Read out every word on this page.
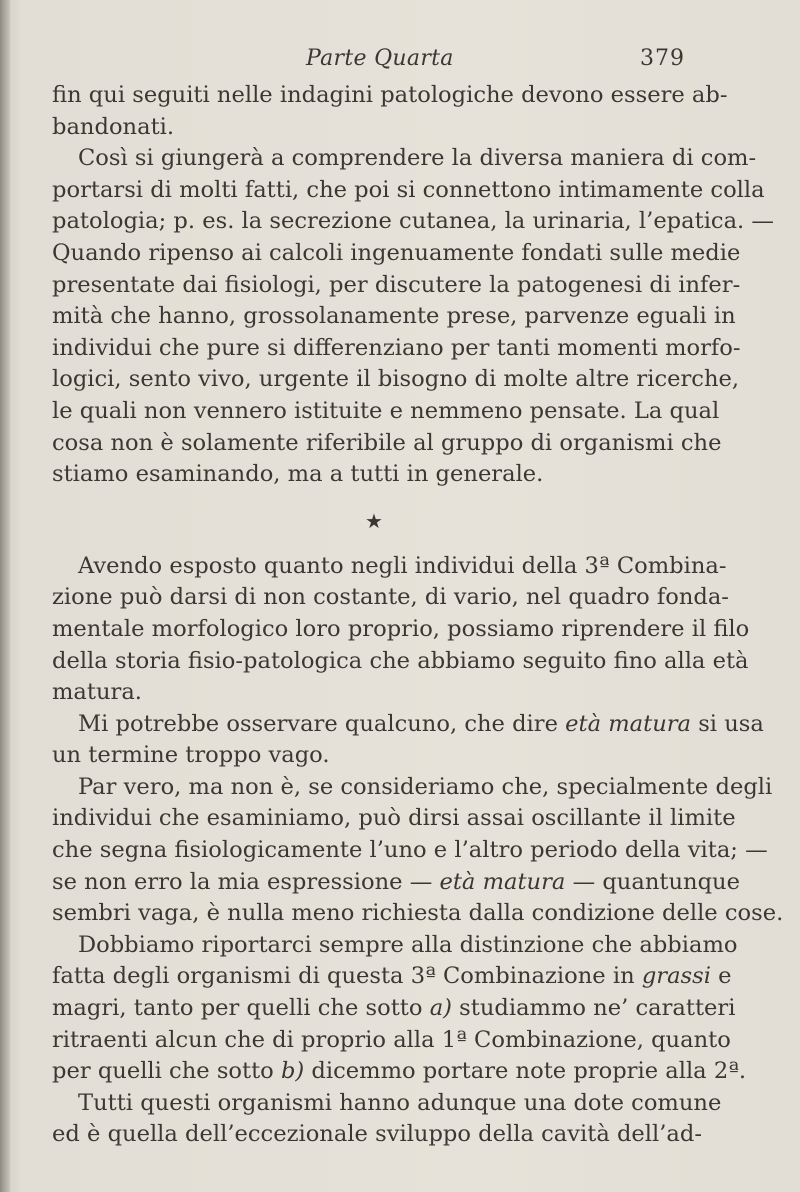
Parte Quarta	379
fin qui seguiti nelle indagini patologiche devono essere ab-
bandonati.
Così si giungerà a comprendere la diversa maniera di com-
portarsi di molti fatti, che poi si connettono intimamente colla
patologia; p. es. la secrezione cutanea, la urinaria, l’epatica. —
Quando ripenso ai calcoli ingenuamente fondati sulle medie
presentate dai fisiologi, per discutere la patogenesi di infer-
mità che hanno, grossolanamente prese, parvenze eguali in
individui che pure si differenziano per tanti momenti morfo-
logici, sento vivo, urgente il bisogno di molte altre ricerche,
le quali non vennero istituite e nemmeno pensate. La qual
cosa non è solamente riferibile al gruppo di organismi che
stiamo esaminando, ma a tutti in generale.
★
Avendo esposto quanto negli individui della 3ª Combina-
zione può darsi di non costante, di vario, nel quadro fonda-
mentale morfologico loro proprio, possiamo riprendere il filo
della storia fisio-patologica che abbiamo seguito fino alla età
matura.
Mi potrebbe osservare qualcuno, che dire età matura si usa
un termine troppo vago.
Par vero, ma non è, se consideriamo che, specialmente degli
individui che esaminiamo, può dirsi assai oscillante il limite
che segna fisiologicamente l’uno e l’altro periodo della vita; —
se non erro la mia espressione — età matura — quantunque
sembri vaga, è nulla meno richiesta dalla condizione delle cose.
Dobbiamo riportarci sempre alla distinzione che abbiamo
fatta degli organismi di questa 3ª Combinazione in grassi e
magri, tanto per quelli che sotto a) studiammo ne’ caratteri
ritraenti alcun che di proprio alla 1ª Combinazione, quanto
per quelli che sotto b) dicemmo portare note proprie alla 2ª.
Tutti questi organismi hanno adunque una dote comune
ed è quella dell’eccezionale sviluppo della cavità dell’ad-
